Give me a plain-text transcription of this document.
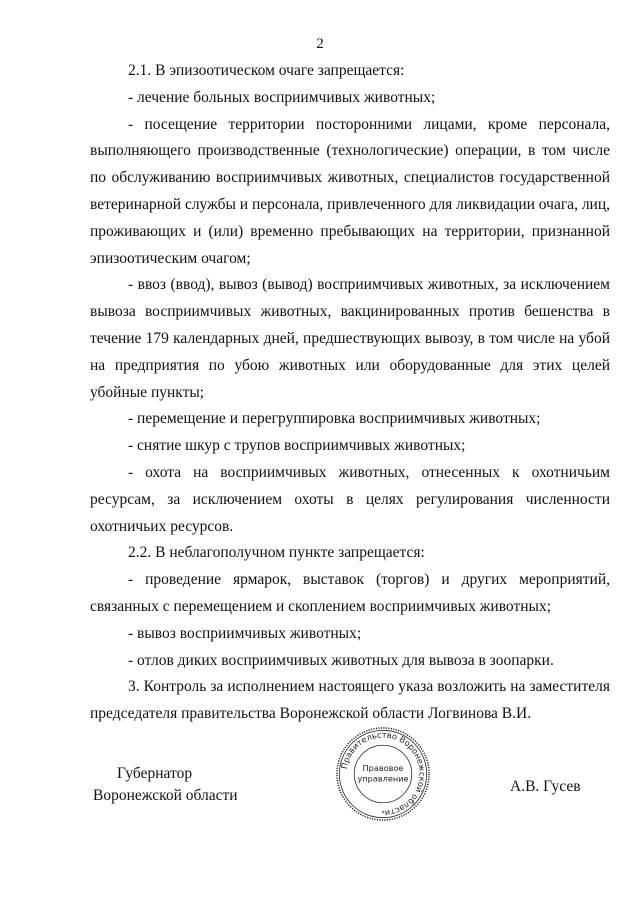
2

2.1. В эпизоотическом очаге запрещается:

- лечение больных восприимчивых животных;

- посещение территории посторонними лицами, кроме персонала, выполняющего производственные (технологические) операции, в том числе по обслуживанию восприимчивых животных, специалистов государственной ветеринарной службы и персонала, привлеченного для ликвидации очага, лиц, проживающих и (или) временно пребывающих на территории, признанной эпизоотическим очагом;

- ввоз (ввод), вывоз (вывод) восприимчивых животных, за исключением вывоза восприимчивых животных, вакцинированных против бешенства в течение 179 календарных дней, предшествующих вывозу, в том числе на убой на предприятия по убою животных или оборудованные для этих целей убойные пункты;

- перемещение и перегруппировка восприимчивых животных;

- снятие шкур с трупов восприимчивых животных;

- охота на восприимчивых животных, отнесенных к охотничьим ресурсам, за исключением охоты в целях регулирования численности охотничьих ресурсов.

2.2. В неблагополучном пункте запрещается:

- проведение ярмарок, выставок (торгов) и других мероприятий, связанных с перемещением и скоплением восприимчивых животных;

- вывоз восприимчивых животных;

- отлов диких восприимчивых животных для вывоза в зоопарки.

3. Контроль за исполнением настоящего указа возложить на заместителя председателя правительства Воронежской области Логвинова В.И.

Губернатор
Воронежской области
Правительство Воронежской области
Правовое
управление
*
А.В. Гусев
